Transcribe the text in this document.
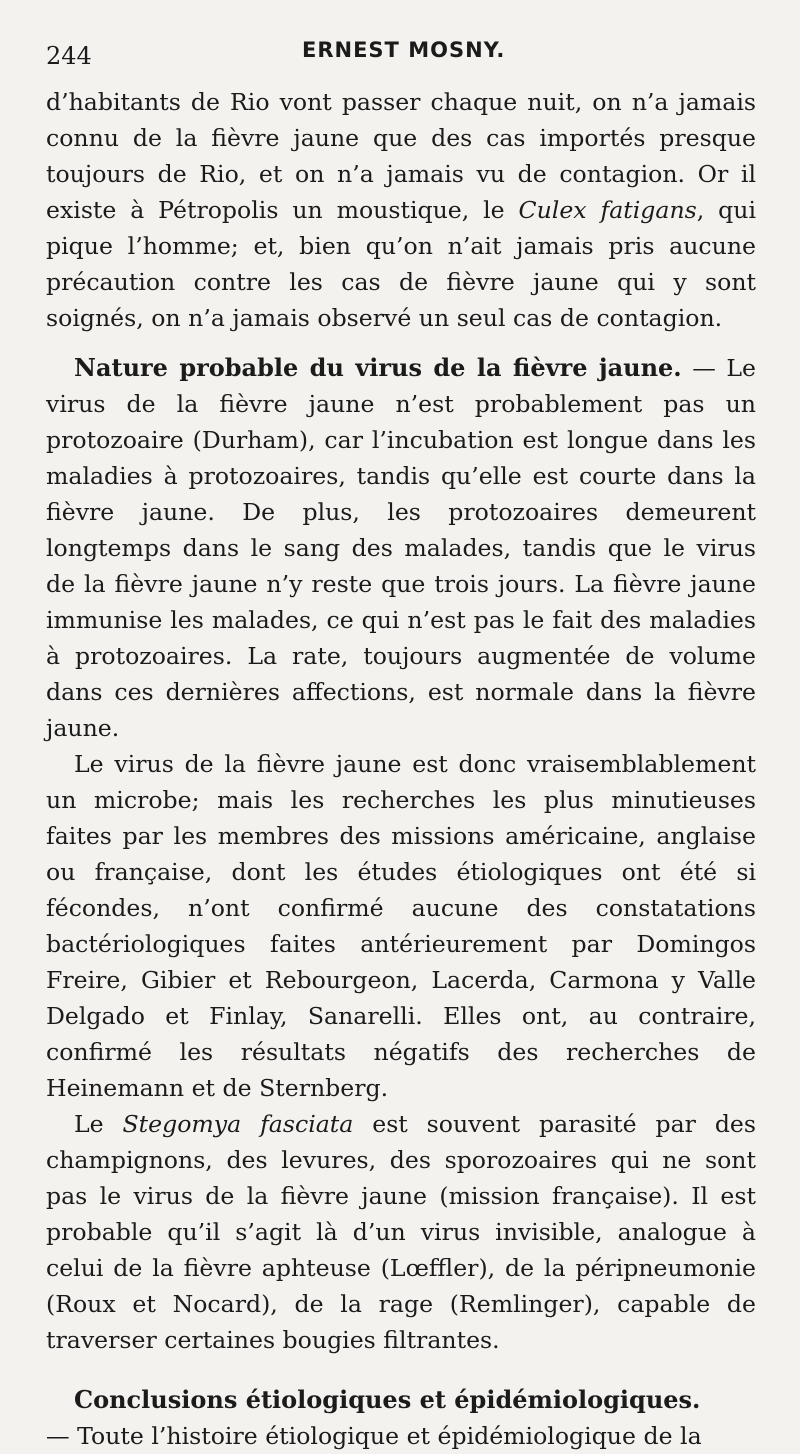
244	ERNEST MOSNY.

d’habitants de Rio vont passer chaque nuit, on n’a jamais connu de la fièvre jaune que des cas importés presque toujours de Rio, et on n’a jamais vu de contagion. Or il existe à Pétropolis un moustique, le Culex fatigans, qui pique l’homme; et, bien qu’on n’ait jamais pris aucune précaution contre les cas de fièvre jaune qui y sont soignés, on n’a jamais observé un seul cas de contagion.

Nature probable du virus de la fièvre jaune. — Le virus de la fièvre jaune n’est probablement pas un protozoaire (Durham), car l’incubation est longue dans les maladies à protozoaires, tandis qu’elle est courte dans la fièvre jaune. De plus, les protozoaires demeurent longtemps dans le sang des malades, tandis que le virus de la fièvre jaune n’y reste que trois jours. La fièvre jaune immunise les malades, ce qui n’est pas le fait des maladies à protozoaires. La rate, toujours augmentée de volume dans ces dernières affections, est normale dans la fièvre jaune.

Le virus de la fièvre jaune est donc vraisemblablement un microbe; mais les recherches les plus minutieuses faites par les membres des missions américaine, anglaise ou française, dont les études étiologiques ont été si fécondes, n’ont confirmé aucune des constatations bactériologiques faites antérieurement par Domingos Freire, Gibier et Rebourgeon, Lacerda, Carmona y Valle Delgado et Finlay, Sanarelli. Elles ont, au contraire, confirmé les résultats négatifs des recherches de Heinemann et de Sternberg.

Le Stegomya fasciata est souvent parasité par des champignons, des levures, des sporozoaires qui ne sont pas le virus de la fièvre jaune (mission française). Il est probable qu’il s’agit là d’un virus invisible, analogue à celui de la fièvre aphteuse (Lœffler), de la péripneumonie (Roux et Nocard), de la rage (Remlinger), capable de traverser certaines bougies filtrantes.

Conclusions étiologiques et épidémiologiques.

— Toute l’histoire étiologique et épidémiologique de la
